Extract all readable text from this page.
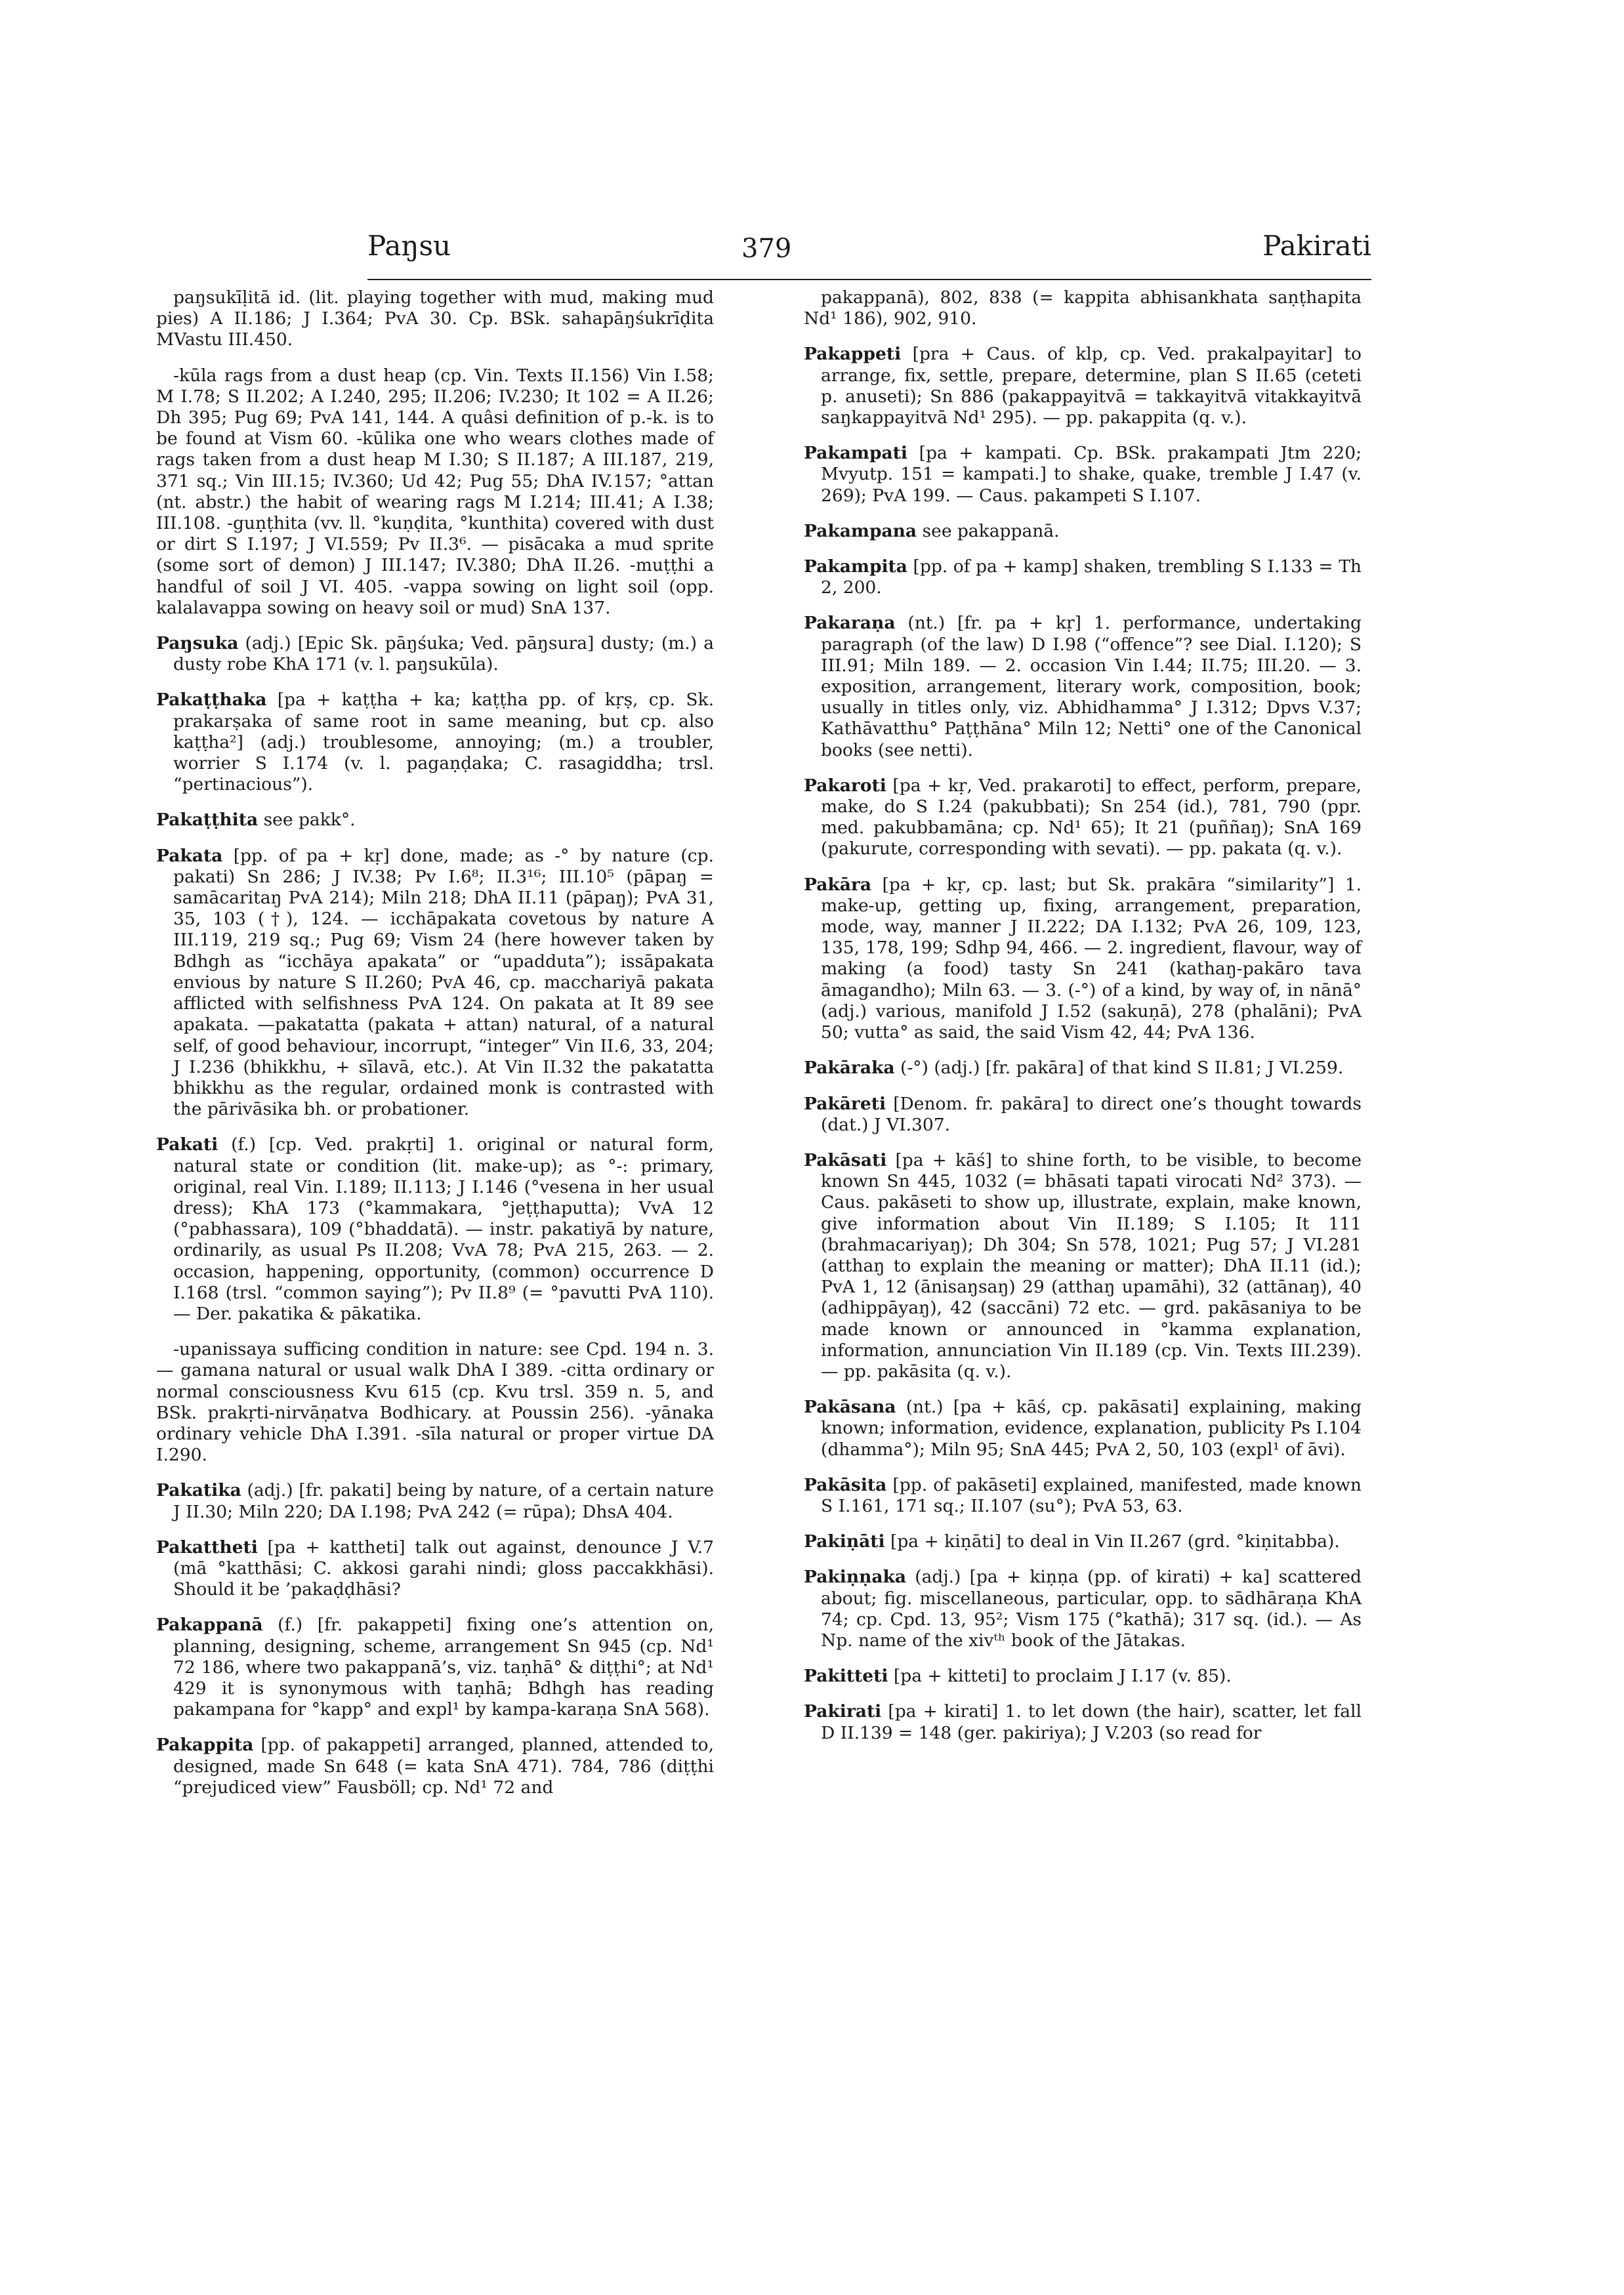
Paŋsu	379	Pakirati

paŋsukīḷitā id. (lit. playing together with mud, making mud pies) A II.186; J I.364; PvA 30. Cp. BSk. sahapāŋśukrīḍita MVastu III.450.

-kūla rags from a dust heap (cp. Vin. Texts II.156) Vin I.58; M I.78; S II.202; A I.240, 295; II.206; IV.230; It 102 = A II.26; Dh 395; Pug 69; PvA 141, 144. A quâsi definition of p.-k. is to be found at Vism 60. -kūlika one who wears clothes made of rags taken from a dust heap M I.30; S II.187; A III.187, 219, 371 sq.; Vin III.15; IV.360; Ud 42; Pug 55; DhA IV.157; °attan (nt. abstr.) the habit of wearing rags M I.214; III.41; A I.38; III.108. -guṇṭhita (vv. ll. °kuṇḍita, °kunthita) covered with dust or dirt S I.197; J VI.559; Pv II.3⁶. — pisācaka a mud sprite (some sort of demon) J III.147; IV.380; DhA II.26. -muṭṭhi a handful of soil J VI. 405. -vappa sowing on light soil (opp. kalalavappa sowing on heavy soil or mud) SnA 137.

Paŋsuka (adj.) [Epic Sk. pāŋśuka; Ved. pāŋsura] dusty; (m.) a dusty robe KhA 171 (v. l. paŋsukūla).

Pakaṭṭhaka [pa + kaṭṭha + ka; kaṭṭha pp. of kṛṣ, cp. Sk. prakarṣaka of same root in same meaning, but cp. also kaṭṭha²] (adj.) troublesome, annoying; (m.) a troubler, worrier S I.174 (v. l. pagaṇḍaka; C. rasagiddha; trsl. “pertinacious”).

Pakaṭṭhita see pakk°.

Pakata [pp. of pa + kṛ] done, made; as -° by nature (cp. pakati) Sn 286; J IV.38; Pv I.6⁸; II.3¹⁶; III.10⁵ (pāpaŋ = samācaritaŋ PvA 214); Miln 218; DhA II.11 (pāpaŋ); PvA 31, 35, 103 (†), 124. — icchāpakata covetous by nature A III.119, 219 sq.; Pug 69; Vism 24 (here however taken by Bdhgh as “icchāya apakata” or “upadduta”); issāpakata envious by nature S II.260; PvA 46, cp. macchariyā pakata afflicted with selfishness PvA 124. On pakata at It 89 see apakata. —pakatatta (pakata + attan) natural, of a natural self, of good behaviour, incorrupt, “integer” Vin II.6, 33, 204; J I.236 (bhikkhu, + sīlavā, etc.). At Vin II.32 the pakatatta bhikkhu as the regular, ordained monk is contrasted with the pārivāsika bh. or probationer.

Pakati (f.) [cp. Ved. prakṛti] 1. original or natural form, natural state or condition (lit. make-up); as °-: primary, original, real Vin. I.189; II.113; J I.146 (°vesena in her usual dress); KhA 173 (°kammakara, °jeṭṭhaputta); VvA 12 (°pabhassara), 109 (°bhaddatā). — instr. pakatiyā by nature, ordinarily, as usual Ps II.208; VvA 78; PvA 215, 263. — 2. occasion, happening, opportunity, (common) occurrence D I.168 (trsl. “common saying”); Pv II.8⁹ (= °pavutti PvA 110). — Der. pakatika & pākatika.

-upanissaya sufficing condition in nature: see Cpd. 194 n. 3. — gamana natural or usual walk DhA I 389. -citta ordinary or normal consciousness Kvu 615 (cp. Kvu trsl. 359 n. 5, and BSk. prakṛti-nirvāṇatva Bodhicary. at Poussin 256). -yānaka ordinary vehicle DhA I.391. -sīla natural or proper virtue DA I.290.

Pakatika (adj.) [fr. pakati] being by nature, of a certain nature J II.30; Miln 220; DA I.198; PvA 242 (= rūpa); DhsA 404.

Pakattheti [pa + kattheti] talk out against, denounce J V.7 (mā °katthāsi; C. akkosi garahi nindi; gloss paccakkhāsi). Should it be ’pakaḍḍhāsi?

Pakappanā (f.) [fr. pakappeti] fixing one’s attention on, planning, designing, scheme, arrangement Sn 945 (cp. Nd¹ 72 186, where two pakappanā’s, viz. taṇhā° & diṭṭhi°; at Nd¹ 429 it is synonymous with taṇhā; Bdhgh has reading pakampana for °kapp° and expl¹ by kampa-karaṇa SnA 568).

Pakappita [pp. of pakappeti] arranged, planned, attended to, designed, made Sn 648 (= kata SnA 471). 784, 786 (diṭṭhi “prejudiced view” Fausböll; cp. Nd¹ 72 and

pakappanā), 802, 838 (= kappita abhisankhata saṇṭhapita Nd¹ 186), 902, 910.

Pakappeti [pra + Caus. of klp, cp. Ved. prakalpayitar] to arrange, fix, settle, prepare, determine, plan S II.65 (ceteti p. anuseti); Sn 886 (pakappayitvā = takkayitvā vitakkayitvā saŋkappayitvā Nd¹ 295). — pp. pakappita (q. v.).

Pakampati [pa + kampati. Cp. BSk. prakampati Jtm 220; Mvyutp. 151 = kampati.] to shake, quake, tremble J I.47 (v. 269); PvA 199. — Caus. pakampeti S I.107.

Pakampana see pakappanā.

Pakampita [pp. of pa + kamp] shaken, trembling S I.133 = Th 2, 200.

Pakaraṇa (nt.) [fr. pa + kṛ] 1. performance, undertaking paragraph (of the law) D I.98 (“offence”? see Dial. I.120); S III.91; Miln 189. — 2. occasion Vin I.44; II.75; III.20. — 3. exposition, arrangement, literary work, composition, book; usually in titles only, viz. Abhidhamma° J I.312; Dpvs V.37; Kathāvatthu° Paṭṭhāna° Miln 12; Netti° one of the Canonical books (see netti).

Pakaroti [pa + kṛ, Ved. prakaroti] to effect, perform, prepare, make, do S I.24 (pakubbati); Sn 254 (id.), 781, 790 (ppr. med. pakubbamāna; cp. Nd¹ 65); It 21 (puññaŋ); SnA 169 (pakurute, corresponding with sevati). — pp. pakata (q. v.).

Pakāra [pa + kṛ, cp. last; but Sk. prakāra “similarity”] 1. make-up, getting up, fixing, arrangement, preparation, mode, way, manner J II.222; DA I.132; PvA 26, 109, 123, 135, 178, 199; Sdhp 94, 466. — 2. ingredient, flavour, way of making (a food) tasty Sn 241 (kathaŋ-pakāro tava āmagandho); Miln 63. — 3. (-°) of a kind, by way of, in nānā° (adj.) various, manifold J I.52 (sakuṇā), 278 (phalāni); PvA 50; vutta° as said, the said Vism 42, 44; PvA 136.

Pakāraka (-°) (adj.) [fr. pakāra] of that kind S II.81; J VI.259.

Pakāreti [Denom. fr. pakāra] to direct one’s thought towards (dat.) J VI.307.

Pakāsati [pa + kāś] to shine forth, to be visible, to become known Sn 445, 1032 (= bhāsati tapati virocati Nd² 373). — Caus. pakāseti to show up, illustrate, explain, make known, give information about Vin II.189; S I.105; It 111 (brahmacariyaŋ); Dh 304; Sn 578, 1021; Pug 57; J VI.281 (atthaŋ to explain the meaning or matter); DhA II.11 (id.); PvA 1, 12 (ānisaŋsaŋ) 29 (atthaŋ upamāhi), 32 (attānaŋ), 40 (adhippāyaŋ), 42 (saccāni) 72 etc. — grd. pakāsaniya to be made known or announced in °kamma explanation, information, annunciation Vin II.189 (cp. Vin. Texts III.239). — pp. pakāsita (q. v.).

Pakāsana (nt.) [pa + kāś, cp. pakāsati] explaining, making known; information, evidence, explanation, publicity Ps I.104 (dhamma°); Miln 95; SnA 445; PvA 2, 50, 103 (expl¹ of āvi).

Pakāsita [pp. of pakāseti] explained, manifested, made known S I.161, 171 sq.; II.107 (su°); PvA 53, 63.

Pakiṇāti [pa + kiṇāti] to deal in Vin II.267 (grd. °kiṇitabba).

Pakiṇṇaka (adj.) [pa + kiṇṇa (pp. of kirati) + ka] scattered about; fig. miscellaneous, particular, opp. to sādhāraṇa KhA 74; cp. Cpd. 13, 95²; Vism 175 (°kathā); 317 sq. (id.). — As Np. name of the xivᵗʰ book of the Jātakas.

Pakitteti [pa + kitteti] to proclaim J I.17 (v. 85).

Pakirati [pa + kirati] 1. to let down (the hair), scatter, let fall D II.139 = 148 (ger. pakiriya); J V.203 (so read for
